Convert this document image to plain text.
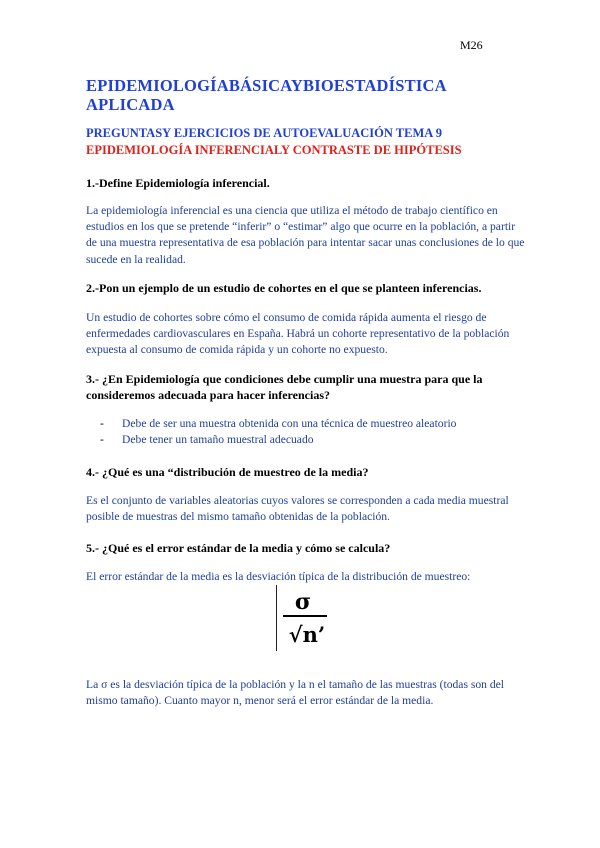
M26
EPIDEMIOLOGÍABÁSICAYBIOESTADÍSTICA APLICADA
PREGUNTASY EJERCICIOS DE AUTOEVALUACIÓN TEMA 9
EPIDEMIOLOGÍA INFERENCIALY CONTRASTE DE HIPÓTESIS
1.-Define Epidemiología inferencial.
La epidemiología inferencial es una ciencia que utiliza el método de trabajo científico en estudios en los que se pretende “inferir” o “estimar” algo que ocurre en la población, a partir de una muestra representativa de esa población para intentar sacar unas conclusiones de lo que sucede en la realidad.
2.-Pon un ejemplo de un estudio de cohortes en el que se planteen inferencias.
Un estudio de cohortes sobre cómo el consumo de comida rápida aumenta el riesgo de enfermedades cardiovasculares en España. Habrá un cohorte representativo de la población expuesta al consumo de comida rápida y un cohorte no expuesto.
3.- ¿En Epidemiología que condiciones debe cumplir una muestra para que la consideremos adecuada para hacer inferencias?
- Debe de ser una muestra obtenida con una técnica de muestreo aleatorio
- Debe tener un tamaño muestral adecuado
4.- ¿Qué es una “distribución de muestreo de la media?
Es el conjunto de variables aleatorias cuyos valores se corresponden a cada media muestral posible de muestras del mismo tamaño obtenidas de la población.
5.- ¿Qué es el error estándar de la media y cómo se calcula?
El error estándar de la media es la desviación típica de la distribución de muestreo:
σ
√n’
La σ es la desviación típica de la población y la n el tamaño de las muestras (todas son del mismo tamaño). Cuanto mayor n, menor será el error estándar de la media.
